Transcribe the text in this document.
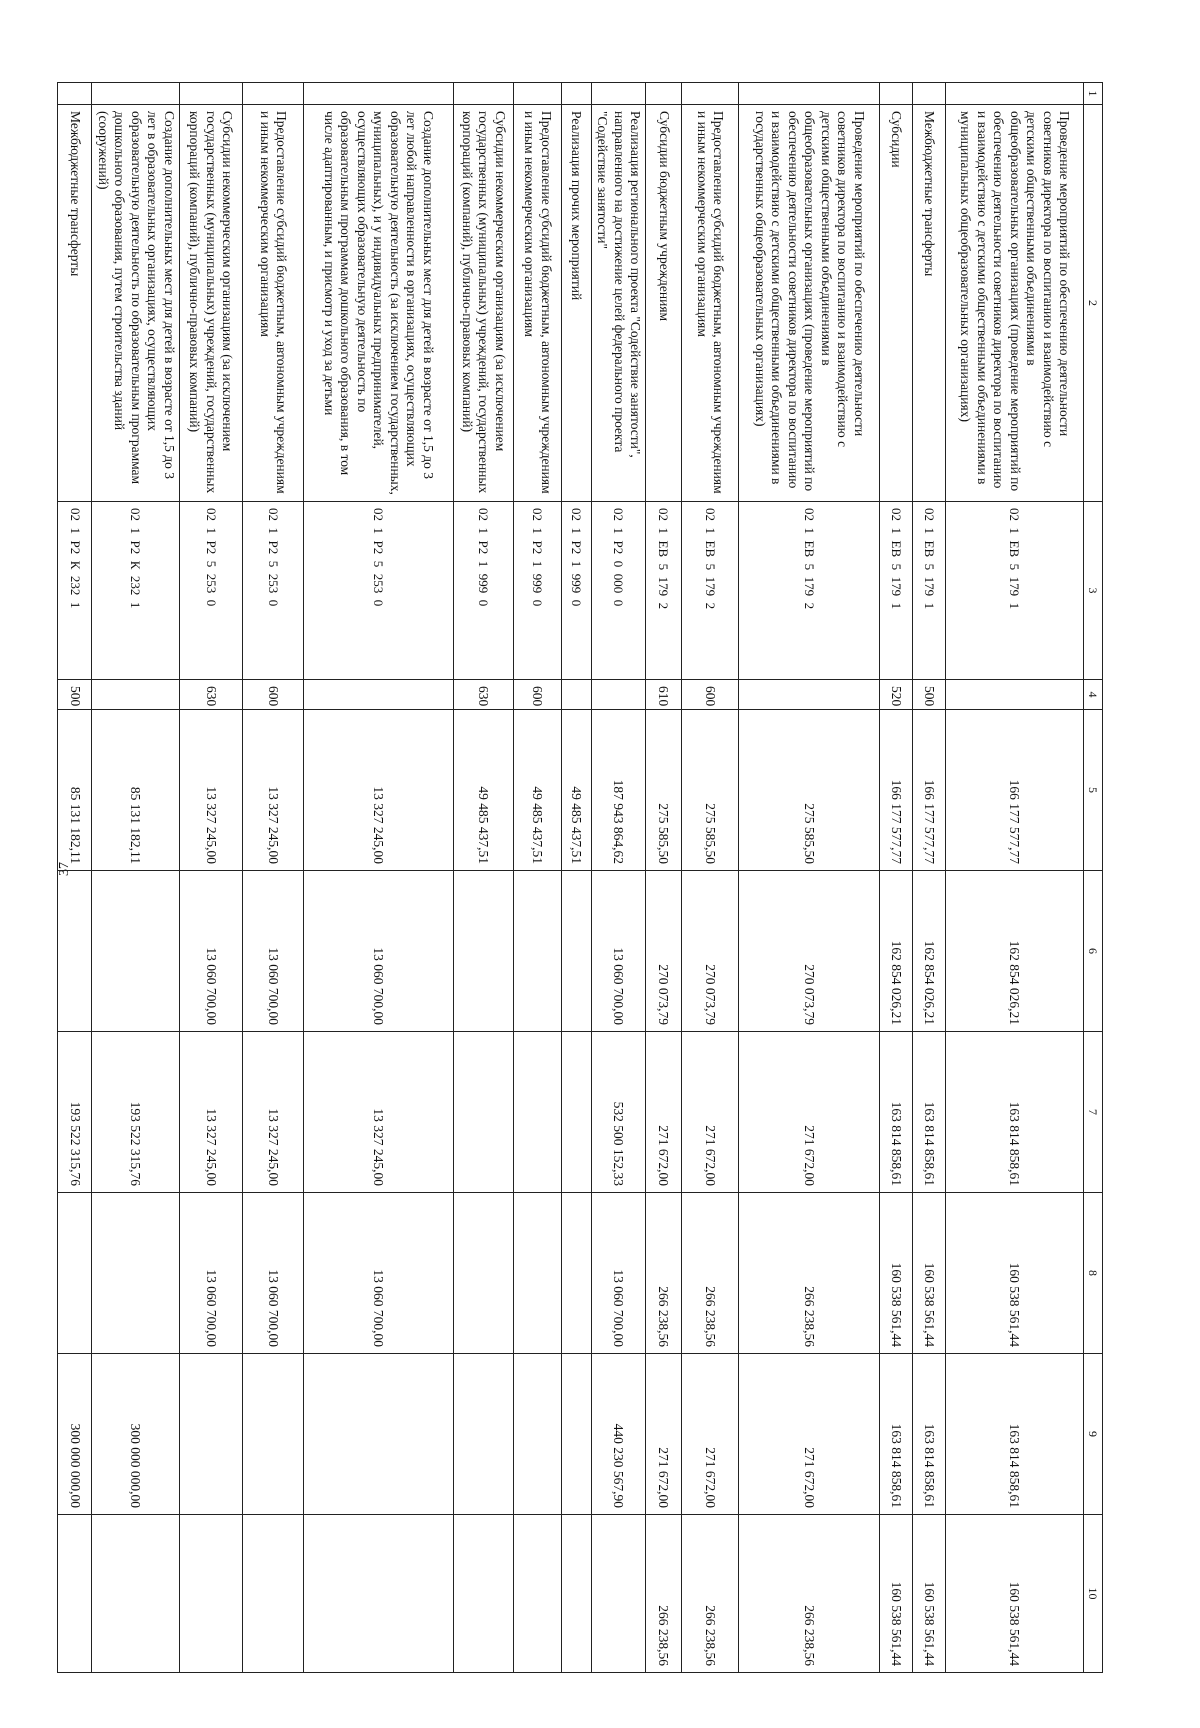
37
1	2	3	4	5	6	7	8	9	10
	Проведение мероприятий по обеспечению деятельности советников директора по воспитанию и взаимодействию с детскими общественными объединениями в общеобразовательных организациях (проведение мероприятий по обеспечению деятельности советников директора по воспитанию и взаимодействию с детскими общественными объединениями в муниципальных общеобразовательных организациях)	02  1  ЕВ  5  179  1		166 177 577,77	162 854 026,21	163 814 858,61	160 538 561,44	163 814 858,61	160 538 561,44
	Межбюджетные трансферты	02  1  ЕВ  5  179  1	500	166 177 577,77	162 854 026,21	163 814 858,61	160 538 561,44	163 814 858,61	160 538 561,44
	Субсидии	02  1  ЕВ  5  179  1	520	166 177 577,77	162 854 026,21	163 814 858,61	160 538 561,44	163 814 858,61	160 538 561,44
	Проведение мероприятий по обеспечению деятельности советников директора по воспитанию и взаимодействию с детскими общественными объединениями в общеобразовательных организациях (проведение мероприятий по обеспечению деятельности советников директора по воспитанию и взаимодействию с детскими общественными объединениями в государственных общеобразовательных организациях)	02  1  ЕВ  5  179  2		275 585,50	270 073,79	271 672,00	266 238,56	271 672,00	266 238,56
	Предоставление субсидий бюджетным, автономным учреждениям и иным некоммерческим организациям	02  1  ЕВ  5  179  2	600	275 585,50	270 073,79	271 672,00	266 238,56	271 672,00	266 238,56
	Субсидии бюджетным учреждениям	02  1  ЕВ  5  179  2	610	275 585,50	270 073,79	271 672,00	266 238,56	271 672,00	266 238,56
	Реализация регионального проекта "Содействие занятости", направленного на достижение целей федерального проекта "Содействие занятости"	02  1  Р2  0  000  0		187 943 864,62	13 060 700,00	532 500 152,33	13 060 700,00	440 230 567,90	
	Реализация прочих мероприятий	02  1  Р2  1  999  0		49 485 437,51					
	Предоставление субсидий бюджетным, автономным учреждениям и иным некоммерческим организациям	02  1  Р2  1  999  0	600	49 485 437,51					
	Субсидии некоммерческим организациям (за исключением государственных (муниципальных) учреждений, государственных корпораций (компаний), публично-правовых компаний)	02  1  Р2  1  999  0	630	49 485 437,51					
	Создание дополнительных мест для детей в возрасте от 1,5 до 3 лет любой направленности в организациях, осуществляющих образовательную деятельность (за исключением государственных, муниципальных), и у индивидуальных предпринимателей, осуществляющих образовательную деятельность по образовательным программам дошкольного образования, в том числе адаптированным, и присмотр и уход за детьми	02  1  Р2  5  253  0		13 327 245,00	13 060 700,00	13 327 245,00	13 060 700,00		
	Предоставление субсидий бюджетным, автономным учреждениям и иным некоммерческим организациям	02  1  Р2  5  253  0	600	13 327 245,00	13 060 700,00	13 327 245,00	13 060 700,00		
	Субсидии некоммерческим организациям (за исключением государственных (муниципальных) учреждений, государственных корпораций (компаний), публично-правовых компаний)	02  1  Р2  5  253  0	630	13 327 245,00	13 060 700,00	13 327 245,00	13 060 700,00		
	Создание дополнительных мест для детей в возрасте от 1,5 до 3 лет в образовательных организациях, осуществляющих образовательную деятельность по образовательным программам дошкольного образования, путем строительства зданий (сооружений)	02  1  Р2  К  232  1		85 131 182,11		193 522 315,76		300 000 000,00	
	Межбюджетные трансферты	02  1  Р2  К  232  1	500	85 131 182,11		193 522 315,76		300 000 000,00	
